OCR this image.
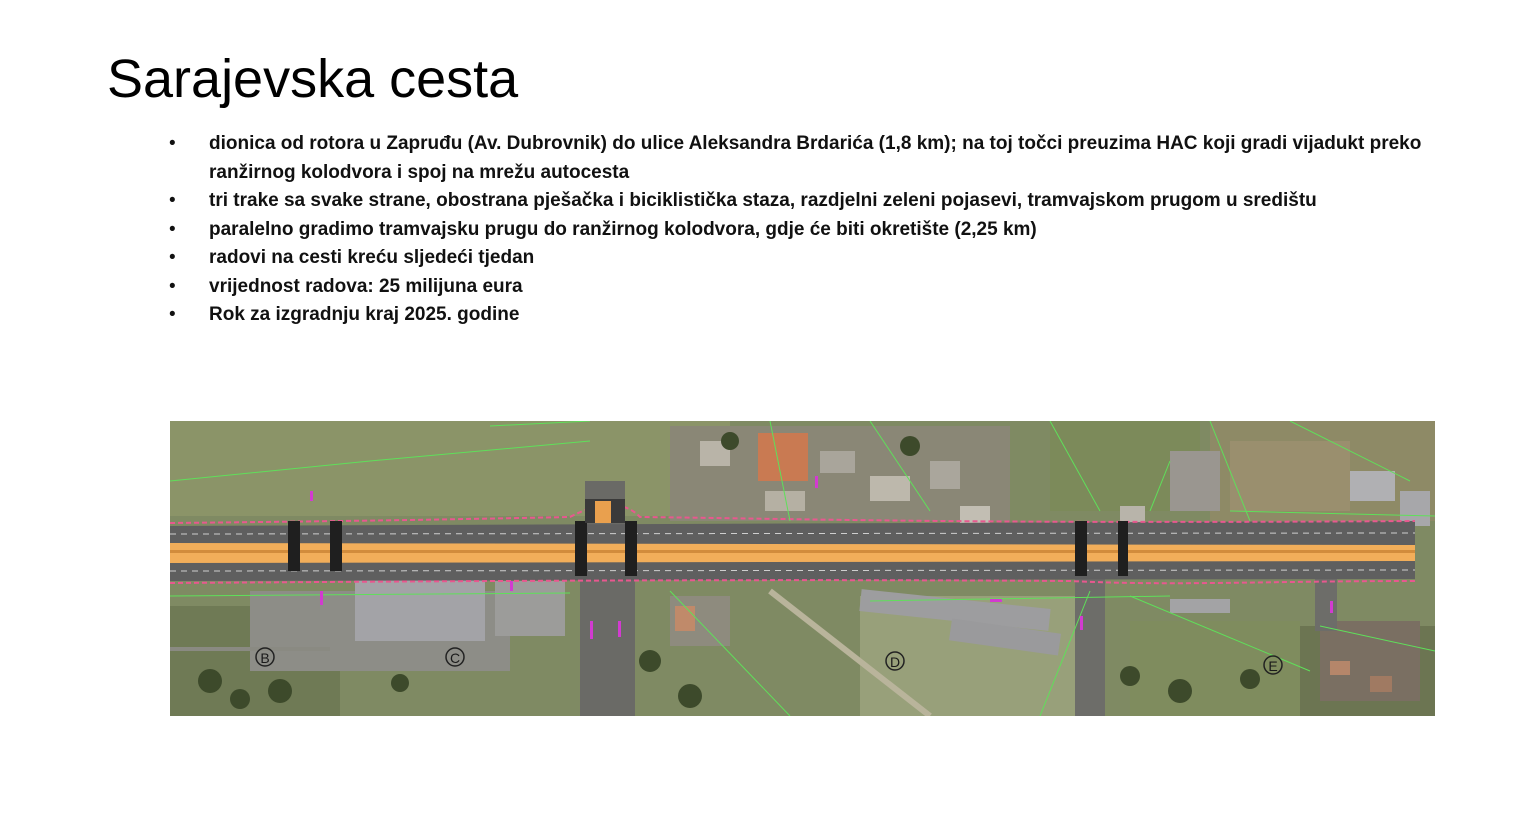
Sarajevska cesta
• dionica od rotora u Zapruđu (Av. Dubrovnik) do ulice Aleksandra Brdarića (1,8 km); na toj točci preuzima HAC koji gradi vijadukt preko ranžirnog kolodvora i spoj na mrežu autocesta
• tri trake sa svake strane, obostrana pješačka i biciklistička staza, razdjelni zeleni pojasevi, tramvajskom prugom u središtu
• paralelno gradimo tramvajsku prugu do ranžirnog kolodvora, gdje će biti okretište (2,25 km)
• radovi na cesti kreću sljedeći tjedan
• vrijednost radova: 25 milijuna eura
• Rok za izgradnju kraj 2025. godine
B	C	D	E
